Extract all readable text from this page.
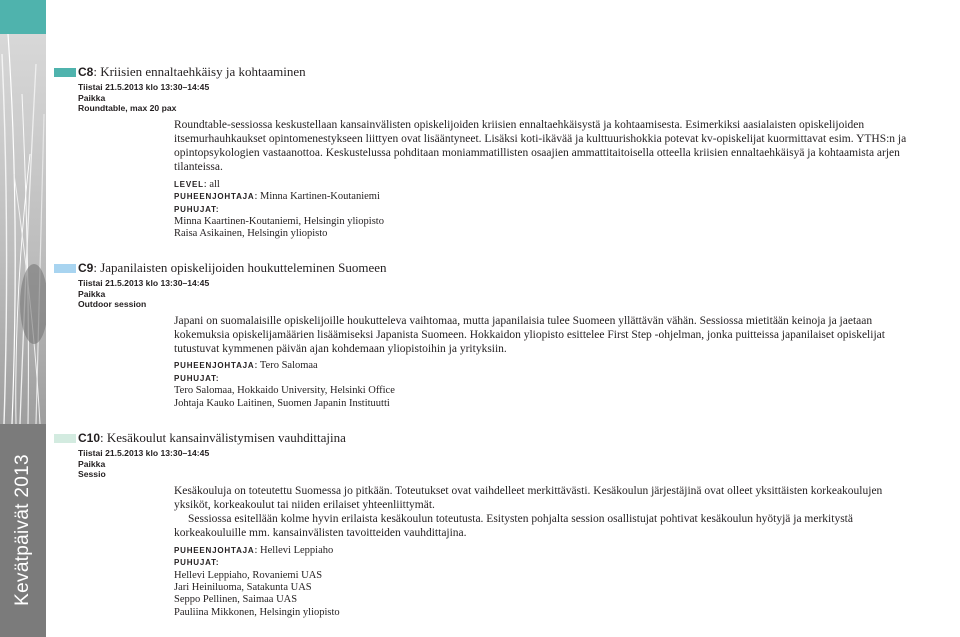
Kevätpäivät 2013
C8: Kriisien ennaltaehkäisy ja kohtaaminen
Tiistai 21.5.2013 klo 13:30–14:45
Paikka
Roundtable, max 20 pax

Roundtable-sessiossa keskustellaan kansainvälisten opiskelijoiden kriisien ennaltaehkäisystä ja kohtaamisesta. Esimerkiksi aasialaisten opiskelijoiden itsemurhauhkaukset opintomenestykseen liittyen ovat lisääntyneet. Lisäksi koti-ikävää ja kulttuurishokkia potevat kv-opiskelijat kuormittavat esim. YTHS:n ja opintopsykologien vastaanottoa. Keskustelussa pohditaan moniammatillisten osaajien ammattitaitoisella otteella kriisien ennaltaehkäisyä ja kohtaamista arjen tilanteissa.

LEVEL: all
PUHEENJOHTAJA: Minna Kartinen-Koutaniemi
PUHUJAT:
Minna Kaartinen-Koutaniemi, Helsingin yliopisto
Raisa Asikainen, Helsingin yliopisto
C9: Japanilaisten opiskelijoiden houkutteleminen Suomeen
Tiistai 21.5.2013 klo 13:30–14:45
Paikka
Outdoor session

Japani on suomalaisille opiskelijoille houkutteleva vaihtomaa, mutta japanilaisia tulee Suomeen yllättävän vähän. Sessiossa mietitään keinoja ja jaetaan kokemuksia opiskelijamäärien lisäämiseksi Japanista Suomeen. Hokkaidon yliopisto esittelee First Step -ohjelman, jonka puitteissa japanilaiset opiskelijat tutustuvat kymmenen päivän ajan kohdemaan yliopistoihin ja yrityksiin.

PUHEENJOHTAJA: Tero Salomaa
PUHUJAT:
Tero Salomaa, Hokkaido University, Helsinki Office
Johtaja Kauko Laitinen, Suomen Japanin Instituutti
C10: Kesäkoulut kansainvälistymisen vauhdittajina
Tiistai 21.5.2013 klo 13:30–14:45
Paikka
Sessio

Kesäkouluja on toteutettu Suomessa jo pitkään. Toteutukset ovat vaihdelleet merkittävästi. Kesäkoulun järjestäjinä ovat olleet yksittäisten korkeakoulujen yksiköt, korkeakoulut tai niiden erilaiset yhteenliittymät.

Sessiossa esitellään kolme hyvin erilaista kesäkoulun toteutusta. Esitysten pohjalta session osallistujat pohtivat kesäkoulun hyötyjä ja merkitystä korkeakouluille mm. kansainvälisten tavoitteiden vauhdittajina.

PUHEENJOHTAJA: Hellevi Leppiaho
PUHUJAT:
Hellevi Leppiaho, Rovaniemi UAS
Jari Heiniluoma, Satakunta UAS
Seppo Pellinen, Saimaa UAS
Pauliina Mikkonen, Helsingin yliopisto
